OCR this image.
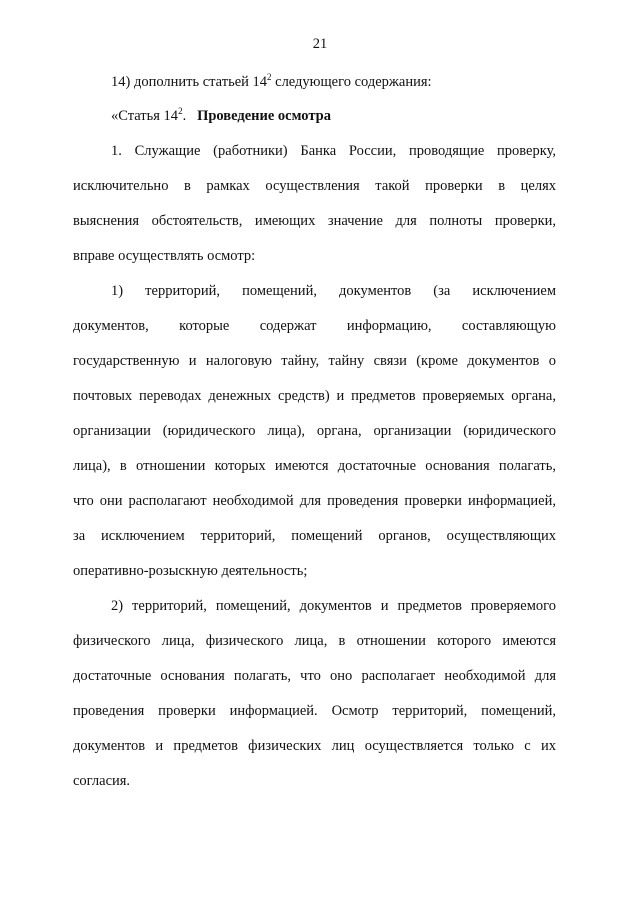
21
14) дополнить статьей $14^2$ следующего содержания:
«Статья $14^2$. Проведение осмотра
1. Служащие (работники) Банка России, проводящие проверку,
исключительно в рамках осуществления такой проверки в целях
выяснения обстоятельств, имеющих значение для полноты проверки,
вправе осуществлять осмотр:
1) территорий, помещений, документов (за исключением
документов, которые содержат информацию, составляющую
государственную и налоговую тайну, тайну связи (кроме документов о
почтовых переводах денежных средств) и предметов проверяемых органа,
организации (юридического лица), органа, организации (юридического
лица), в отношении которых имеются достаточные основания полагать,
что они располагают необходимой для проведения проверки информацией,
за исключением территорий, помещений органов, осуществляющих
оперативно-розыскную деятельность;
2) территорий, помещений, документов и предметов проверяемого
физического лица, физического лица, в отношении которого имеются
достаточные основания полагать, что оно располагает необходимой для
проведения проверки информацией. Осмотр территорий, помещений,
документов и предметов физических лиц осуществляется только с их
согласия.
